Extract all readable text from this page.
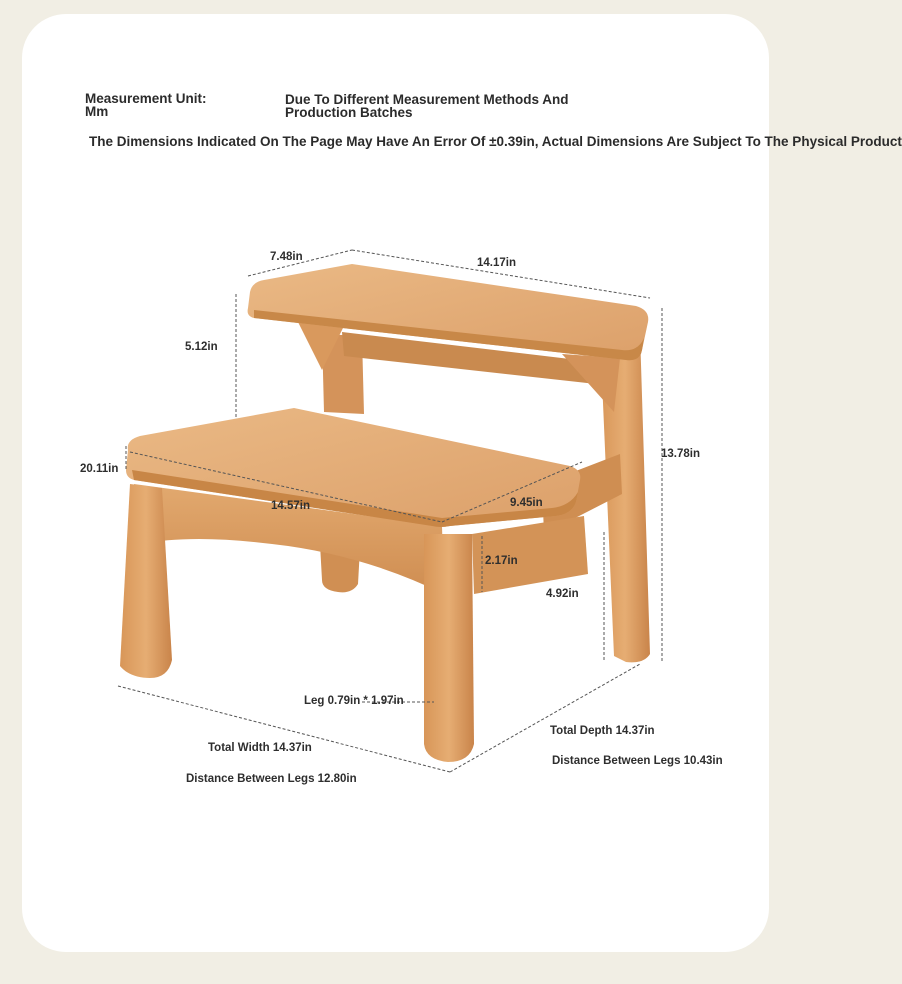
Measurement Unit:
Mm
Due To Different Measurement Methods And
Production Batches
The Dimensions Indicated On The Page May Have An Error Of ±0.39in, Actual Dimensions Are Subject To The Physical Product
7.48in	14.17in
5.12in
13.78in
20.11in
14.57in	9.45in
2.17in
4.92in
Leg 0.79in * 1.97in
Total Depth 14.37in
Total Width 14.37in
Distance Between Legs 10.43in
Distance Between Legs 12.80in
